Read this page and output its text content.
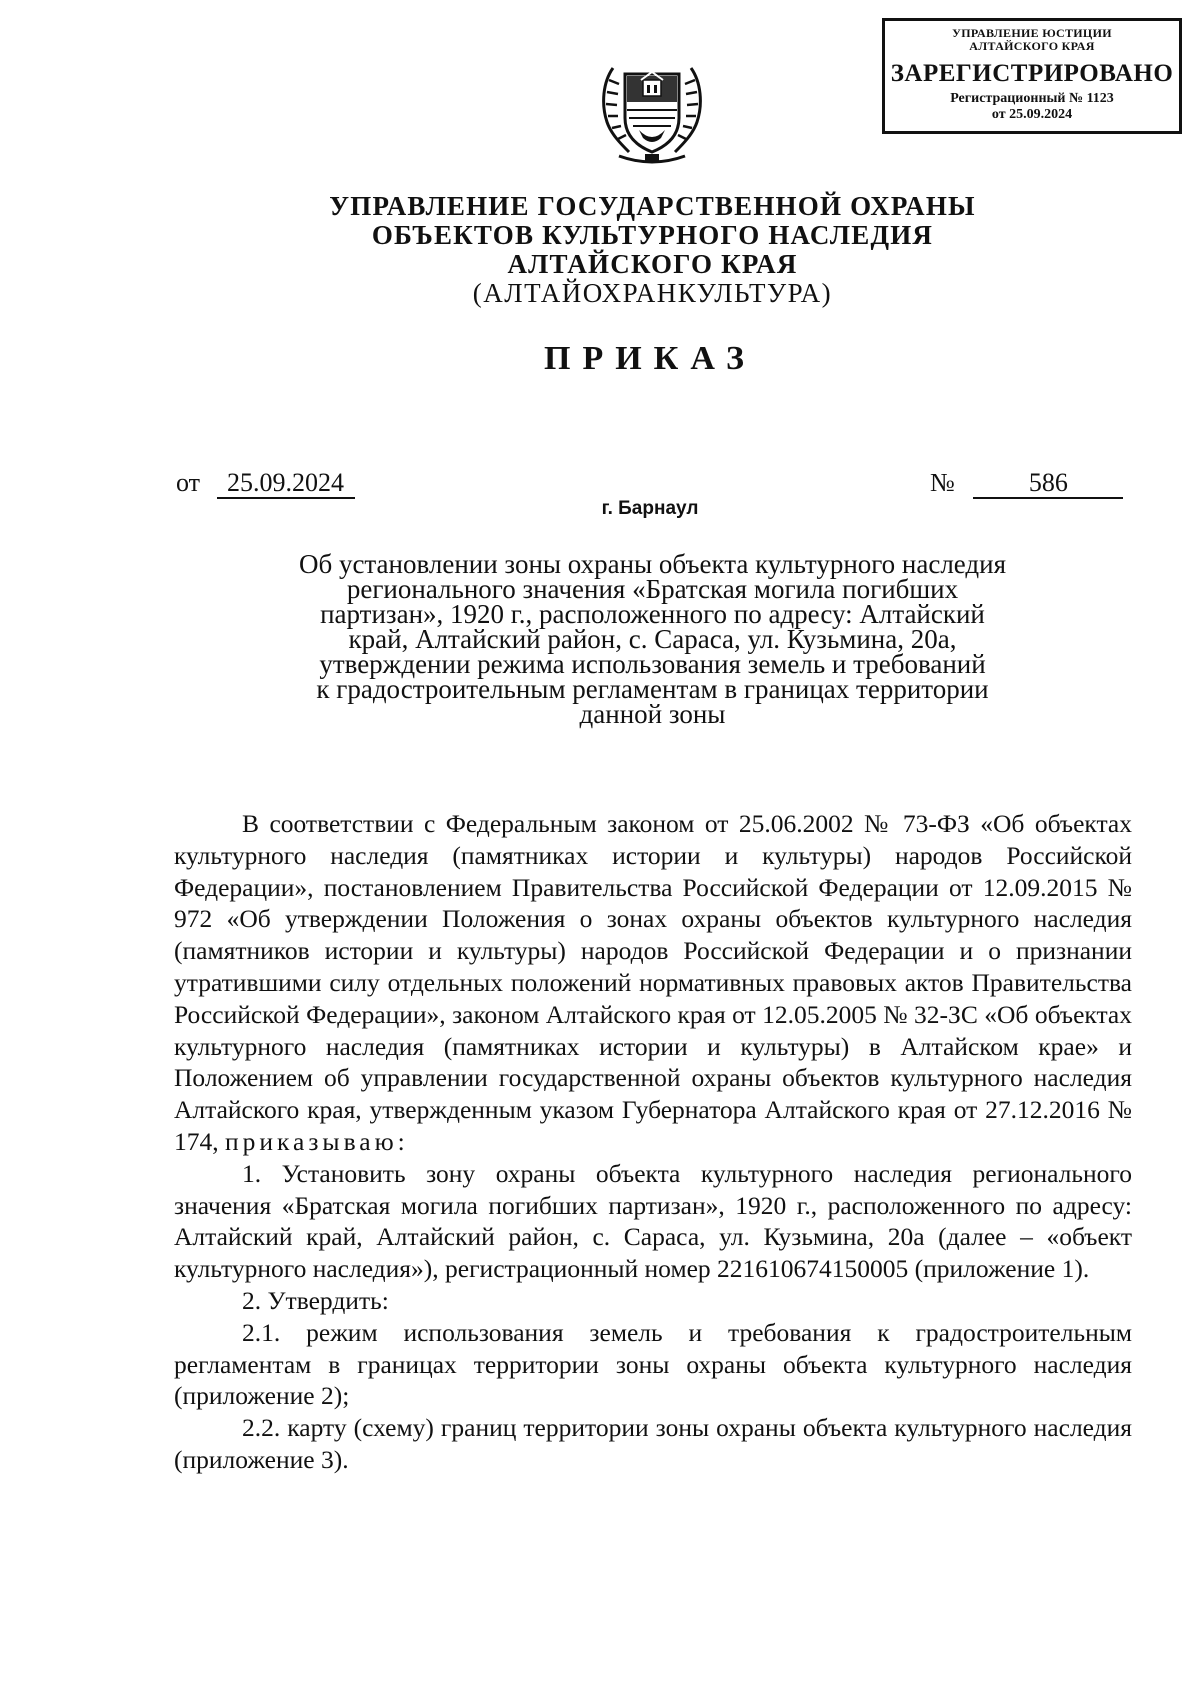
УПРАВЛЕНИЕ ЮСТИЦИИ
АЛТАЙСКОГО КРАЯ
ЗАРЕГИСТРИРОВАНО
Регистрационный № 1123
от 25.09.2024
УПРАВЛЕНИЕ ГОСУДАРСТВЕННОЙ ОХРАНЫ
ОБЪЕКТОВ КУЛЬТУРНОГО НАСЛЕДИЯ
АЛТАЙСКОГО КРАЯ
(АЛТАЙОХРАНКУЛЬТУРА)
ПРИКАЗ
от 25.09.2024	№	586
г. Барнаул
Об установлении зоны охраны объекта культурного наследия
регионального значения «Братская могила погибших
партизан», 1920 г., расположенного по адресу: Алтайский
край, Алтайский район, с. Сараса, ул. Кузьмина, 20а,
утверждении режима использования земель и требований
к градостроительным регламентам в границах территории
данной зоны

В соответствии с Федеральным законом от 25.06.2002 № 73-ФЗ «Об объектах культурного наследия (памятниках истории и культуры) народов Российской Федерации», постановлением Правительства Российской Федерации от 12.09.2015 № 972 «Об утверждении Положения о зонах охраны объектов культурного наследия (памятников истории и культуры) народов Российской Федерации и о признании утратившими силу отдельных положений нормативных правовых актов Правительства Российской Федерации», законом Алтайского края от 12.05.2005 № 32-ЗС «Об объектах культурного наследия (памятниках истории и культуры) в Алтайском крае» и Положением об управлении государственной охраны объектов культурного наследия Алтайского края, утвержденным указом Губернатора Алтайского края от 27.12.2016 № 174, приказываю:

1. Установить зону охраны объекта культурного наследия регионального значения «Братская могила погибших партизан», 1920 г., расположенного по адресу: Алтайский край, Алтайский район, с. Сараса, ул. Кузьмина, 20а (далее – «объект культурного наследия»), регистрационный номер 221610674150005 (приложение 1).

2. Утвердить:

2.1. режим использования земель и требования к градостроительным регламентам в границах территории зоны охраны объекта культурного наследия (приложение 2);

2.2. карту (схему) границ территории зоны охраны объекта культурного наследия (приложение 3).
